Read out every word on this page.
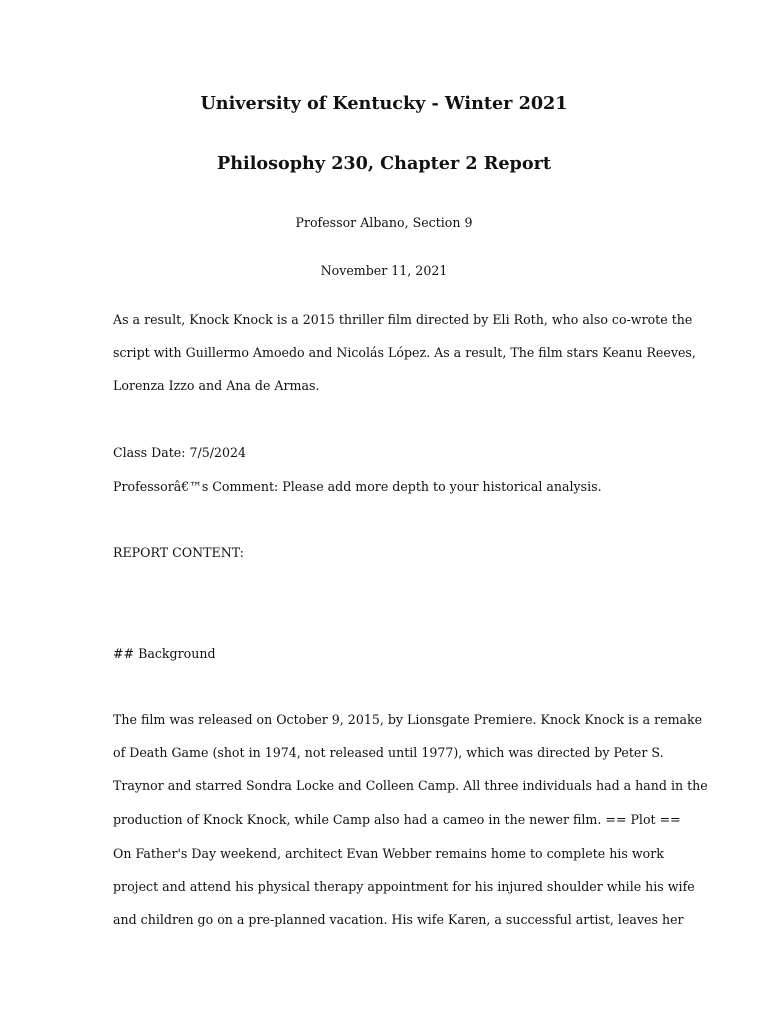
University of Kentucky - Winter 2021
Philosophy 230, Chapter 2 Report
Professor Albano, Section 9
November 11, 2021
As a result, Knock Knock is a 2015 thriller film directed by Eli Roth, who also co-wrote the
script with Guillermo Amoedo and Nicolás López. As a result, The film stars Keanu Reeves,
Lorenza Izzo and Ana de Armas.
Class Date: 7/5/2024
Professorâ€™s Comment: Please add more depth to your historical analysis.
REPORT CONTENT:
## Background
The film was released on October 9, 2015, by Lionsgate Premiere. Knock Knock is a remake
of Death Game (shot in 1974, not released until 1977), which was directed by Peter S.
Traynor and starred Sondra Locke and Colleen Camp. All three individuals had a hand in the
production of Knock Knock, while Camp also had a cameo in the newer film. == Plot ==
On Father's Day weekend, architect Evan Webber remains home to complete his work
project and attend his physical therapy appointment for his injured shoulder while his wife
and children go on a pre-planned vacation. His wife Karen, a successful artist, leaves her
